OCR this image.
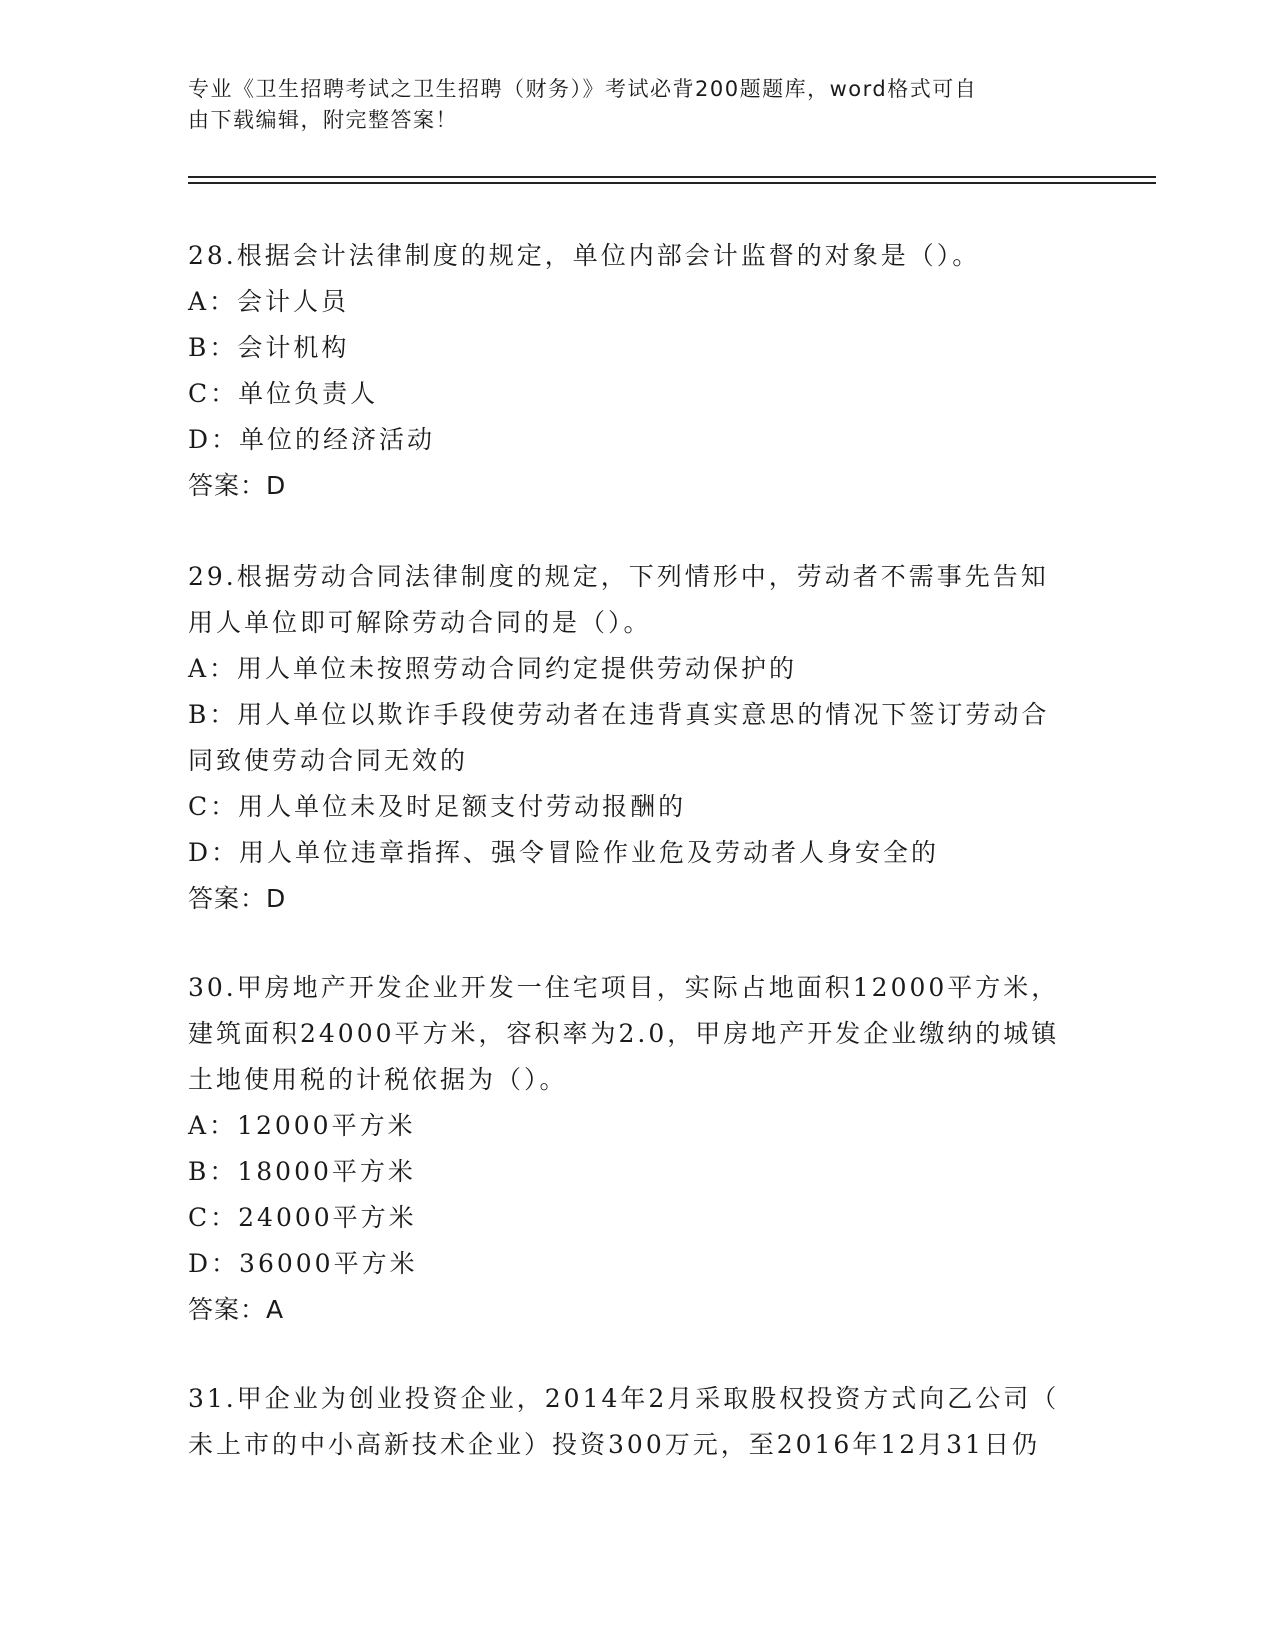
专业《卫生招聘考试之卫生招聘（财务）》考试必背200题题库，word格式可自
由下载编辑，附完整答案！
28.根据会计法律制度的规定，单位内部会计监督的对象是（）。
A：会计人员
B：会计机构
C：单位负责人
D：单位的经济活动
答案：D
29.根据劳动合同法律制度的规定，下列情形中，劳动者不需事先告知
用人单位即可解除劳动合同的是（）。
A：用人单位未按照劳动合同约定提供劳动保护的
B：用人单位以欺诈手段使劳动者在违背真实意思的情况下签订劳动合
同致使劳动合同无效的
C：用人单位未及时足额支付劳动报酬的
D：用人单位违章指挥、强令冒险作业危及劳动者人身安全的
答案：D
30.甲房地产开发企业开发一住宅项目，实际占地面积12000平方米，
建筑面积24000平方米，容积率为2.0，甲房地产开发企业缴纳的城镇
土地使用税的计税依据为（）。
A：12000平方米
B：18000平方米
C：24000平方米
D：36000平方米
答案：A
31.甲企业为创业投资企业，2014年2月采取股权投资方式向乙公司（
未上市的中小高新技术企业）投资300万元，至2016年12月31日仍
